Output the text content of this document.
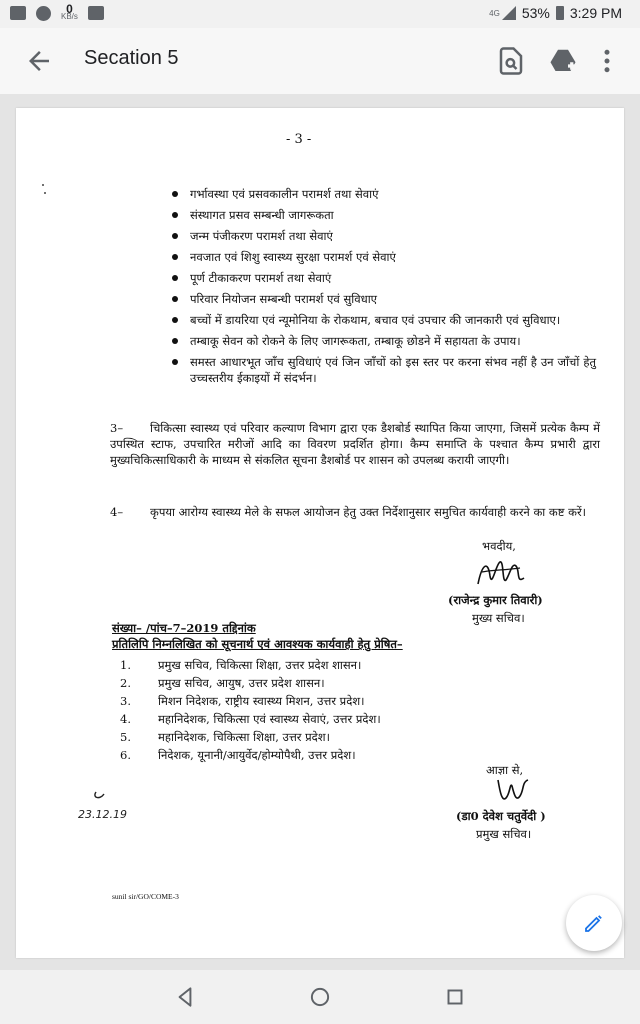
0
KB/s	4G 53% 3:29 PM
Secation 5
- 3 -
गर्भावस्था एवं प्रसवकालीन परामर्श तथा सेवाएं
संस्थागत प्रसव सम्बन्धी जागरूकता
जन्म पंजीकरण परामर्श तथा सेवाएं
नवजात एवं शिशु स्वास्थ्य सुरक्षा परामर्श एवं सेवाएं
पूर्ण टीकाकरण परामर्श तथा सेवाएं
परिवार नियोजन सम्बन्धी परामर्श एवं सुविधाए
बच्चों में डायरिया एवं न्यूमोनिया के रोकथाम, बचाव एवं उपचार की जानकारी एवं सुविधाए।
तम्बाकू सेवन को रोकने के लिए जागरूकता, तम्बाकू छोडने में सहायता के उपाय।
समस्त आधारभूत जाँच सुविधाएं एवं जिन जाँचों को इस स्तर पर करना संभव नहीं है उन जाँचों हेतु उच्चस्तरीय ईकाइयों में संदर्भन।

3– चिकित्सा स्वास्थ्य एवं परिवार कल्याण विभाग द्वारा एक डैशबोर्ड स्थापित किया जाएगा, जिसमें प्रत्येक कैम्प में उपस्थित स्टाफ, उपचारित मरीजों आदि का विवरण प्रदर्शित होगा। कैम्प समाप्ति के पश्चात कैम्प प्रभारी द्वारा मुख्यचिकित्साधिकारी के माध्यम से संकलित सूचना डैशबोर्ड पर शासन को उपलब्ध करायी जाएगी।

4– कृपया आरोग्य स्वास्थ्य मेले के सफल आयोजन हेतु उक्त निर्देशानुसार समुचित कार्यवाही करने का कष्ट करें।

भवदीय,
(राजेन्द्र कुमार तिवारी)
मुख्य सचिव।
संख्या– /पांच–7–2019 तद्दिनांक
प्रतिलिपि निम्नलिखित को सूचनार्थ एवं आवश्यक कार्यवाही हेतु प्रेषित–
1. प्रमुख सचिव, चिकित्सा शिक्षा, उत्तर प्रदेश शासन।
2. प्रमुख सचिव, आयुष, उत्तर प्रदेश शासन।
3. मिशन निदेशक, राष्ट्रीय स्वास्थ्य मिशन, उत्तर प्रदेश।
4. महानिदेशक, चिकित्सा एवं स्वास्थ्य सेवाएं, उत्तर प्रदेश।
5. महानिदेशक, चिकित्सा शिक्षा, उत्तर प्रदेश।
6. निदेशक, यूनानी/आयुर्वेद/होम्योपैथी, उत्तर प्रदेश।
आज्ञा से,
(डा0 देवेश चतुर्वेदी )
प्रमुख सचिव।
23.12.19
sunil sir/GO/COME-3
